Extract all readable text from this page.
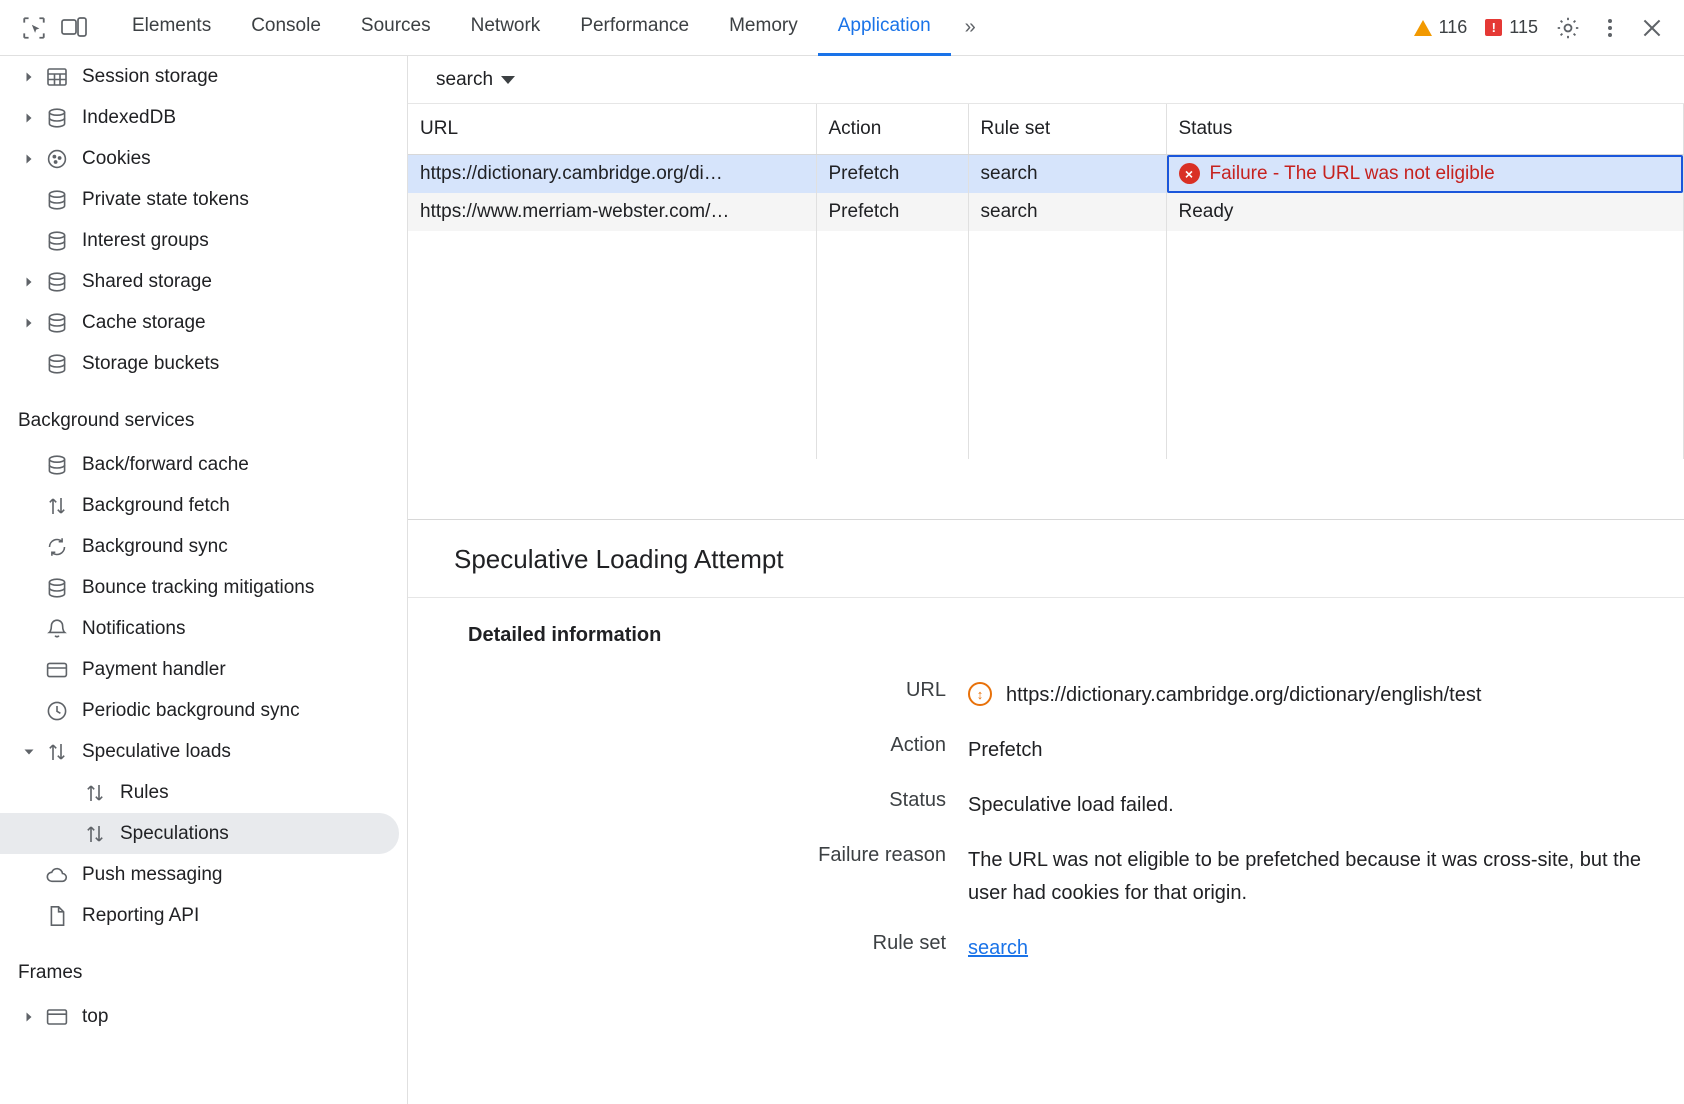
Elements Console Sources Network Performance Memory Application »	116	! 115
Session storage
IndexedDB
Cookies
Private state tokens
Interest groups
Shared storage
Cache storage
Storage buckets
Background services
Back/forward cache
Background fetch
Background sync
Bounce tracking mitigations
Notifications
Payment handler
Periodic background sync
Speculative loads
Rules
Speculations
Push messaging
Reporting API
Frames
top
search
URL	Action	Rule set	Status
https://dictionary.cambridge.org/di…	Prefetch	search	× Failure - The URL was not eligible

https://www.merriam-webster.com/…	Prefetch	search	Ready

Speculative Loading Attempt
Detailed information
URL	↕	https://dictionary.cambridge.org/dictionary/english/test
Action	Prefetch
Status	Speculative load failed.
Failure reason	The URL was not eligible to be prefetched because it was cross-site, but the user had cookies for that origin.
Rule set	search
